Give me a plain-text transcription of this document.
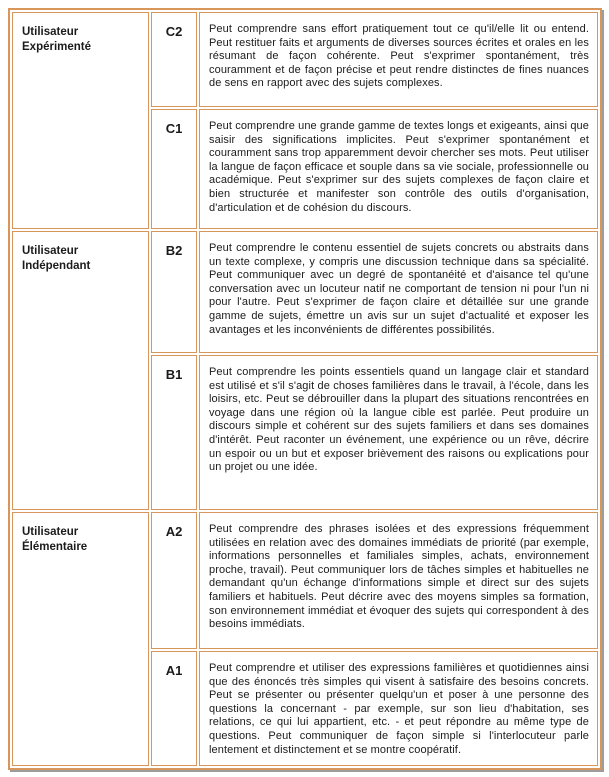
Utilisateur Expérimenté	C2	Peut comprendre sans effort pratiquement tout ce qu'il/elle lit ou entend. Peut restituer faits et arguments de diverses sources écrites et orales en les résumant de façon cohérente. Peut s'exprimer spontanément, très couramment et de façon précise et peut rendre distinctes de fines nuances de sens en rapport avec des sujets complexes.
	C1	Peut comprendre une grande gamme de textes longs et exigeants, ainsi que saisir des significations implicites. Peut s'exprimer spontanément et couramment sans trop apparemment devoir chercher ses mots. Peut utiliser la langue de façon efficace et souple dans sa vie sociale, professionnelle ou académique. Peut s'exprimer sur des sujets complexes de façon claire et bien structurée et manifester son contrôle des outils d'organisation, d'articulation et de cohésion du discours.
Utilisateur Indépendant	B2	Peut comprendre le contenu essentiel de sujets concrets ou abstraits dans un texte complexe, y compris une discussion technique dans sa spécialité. Peut communiquer avec un degré de spontanéité et d'aisance tel qu'une conversation avec un locuteur natif ne comportant de tension ni pour l'un ni pour l'autre. Peut s'exprimer de façon claire et détaillée sur une grande gamme de sujets, émettre un avis sur un sujet d'actualité et exposer les avantages et les inconvénients de différentes possibilités.
	B1	Peut comprendre les points essentiels quand un langage clair et standard est utilisé et s'il s'agit de choses familières dans le travail, à l'école, dans les loisirs, etc. Peut se débrouiller dans la plupart des situations rencontrées en voyage dans une région où la langue cible est parlée. Peut produire un discours simple et cohérent sur des sujets familiers et dans ses domaines d'intérêt. Peut raconter un événement, une expérience ou un rêve, décrire un espoir ou un but et exposer brièvement des raisons ou explications pour un projet ou une idée.
Utilisateur Élémentaire	A2	Peut comprendre des phrases isolées et des expressions fréquemment utilisées en relation avec des domaines immédiats de priorité (par exemple, informations personnelles et familiales simples, achats, environnement proche, travail). Peut communiquer lors de tâches simples et habituelles ne demandant qu'un échange d'informations simple et direct sur des sujets familiers et habituels. Peut décrire avec des moyens simples sa formation, son environnement immédiat et évoquer des sujets qui correspondent à des besoins immédiats.
	A1	Peut comprendre et utiliser des expressions familières et quotidiennes ainsi que des énoncés très simples qui visent à satisfaire des besoins concrets. Peut se présenter ou présenter quelqu'un et poser à une personne des questions la concernant - par exemple, sur son lieu d'habitation, ses relations, ce qui lui appartient, etc. - et peut répondre au même type de questions. Peut communiquer de façon simple si l'interlocuteur parle lentement et distinctement et se montre coopératif.
